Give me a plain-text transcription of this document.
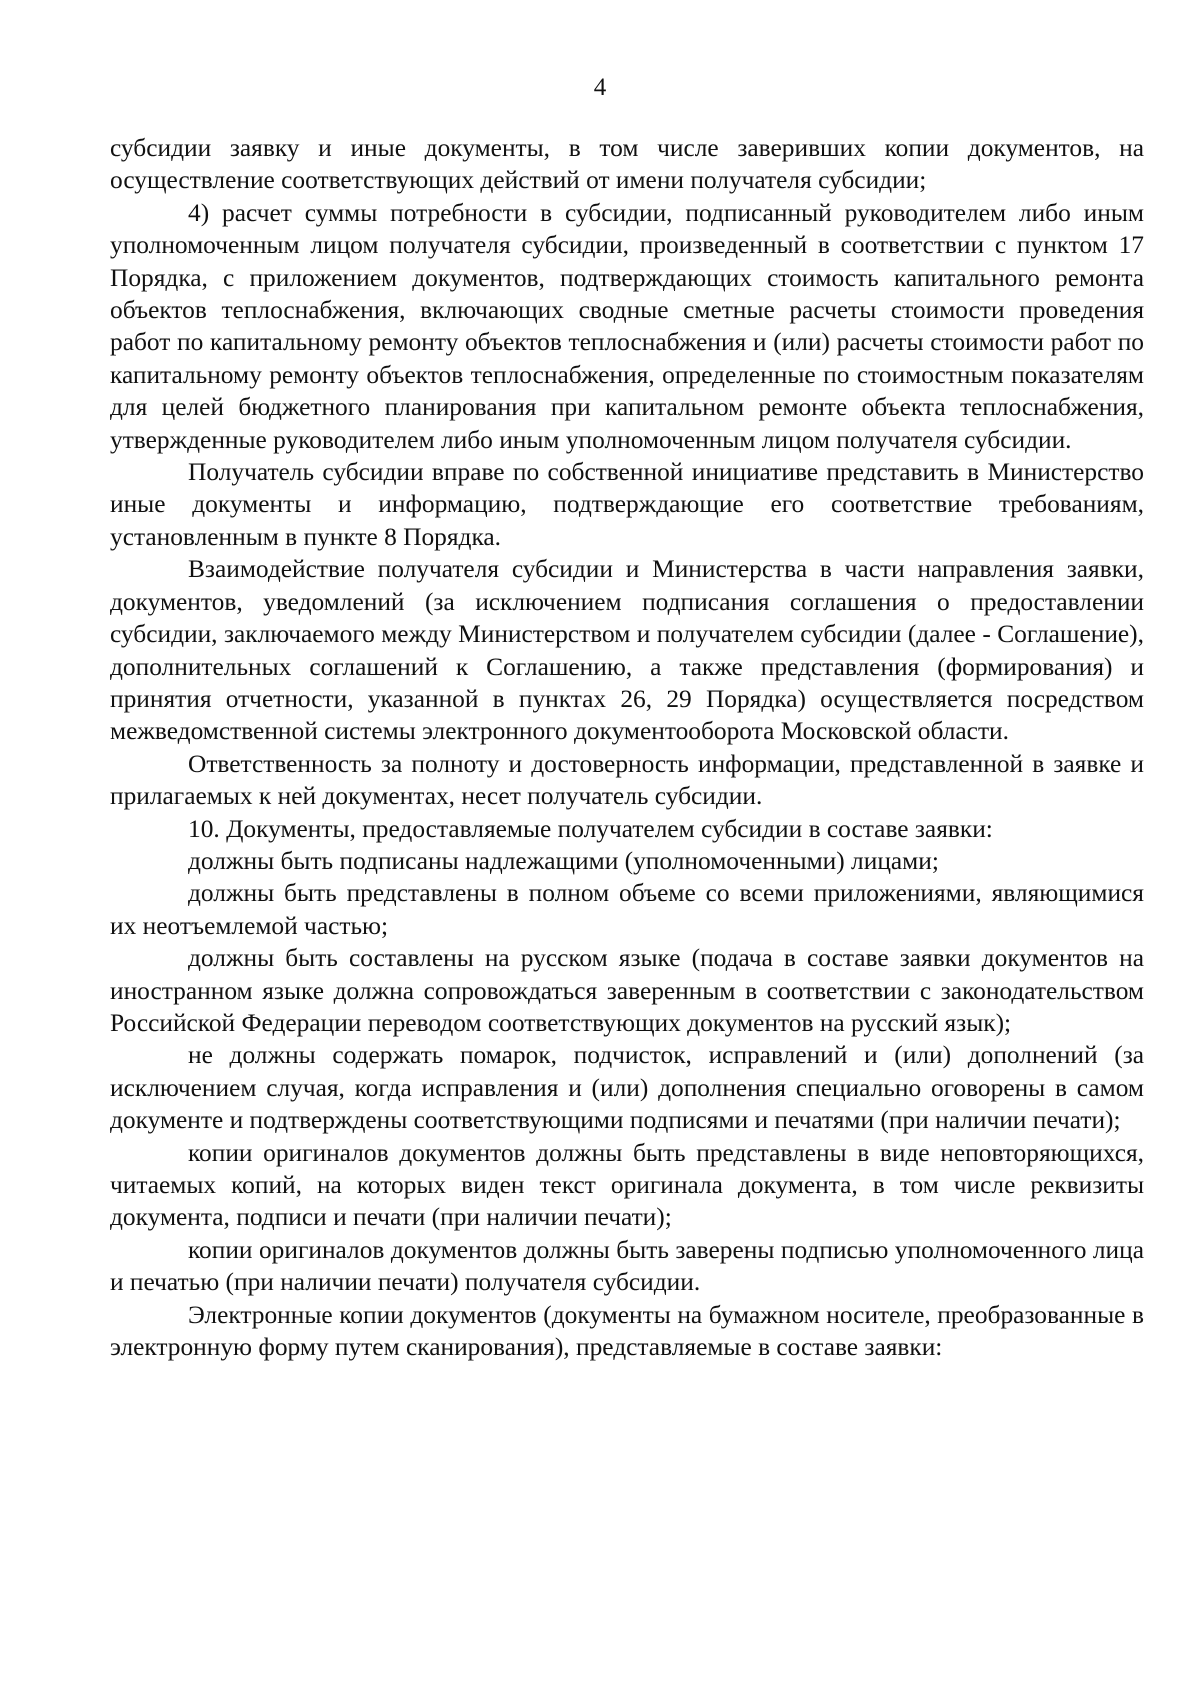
4

субсидии заявку и иные документы, в том числе заверивших копии документов, на осуществление соответствующих действий от имени получателя субсидии;

4) расчет суммы потребности в субсидии, подписанный руководителем либо иным уполномоченным лицом получателя субсидии, произведенный в соответствии с пунктом 17 Порядка, с приложением документов, подтверждающих стоимость капитального ремонта объектов теплоснабжения, включающих сводные сметные расчеты стоимости проведения работ по капитальному ремонту объектов теплоснабжения и (или) расчеты стоимости работ по капитальному ремонту объектов теплоснабжения, определенные по стоимостным показателям для целей бюджетного планирования при капитальном ремонте объекта теплоснабжения, утвержденные руководителем либо иным уполномоченным лицом получателя субсидии.

Получатель субсидии вправе по собственной инициативе представить в Министерство иные документы и информацию, подтверждающие его соответствие требованиям, установленным в пункте 8 Порядка.

Взаимодействие получателя субсидии и Министерства в части направления заявки, документов, уведомлений (за исключением подписания соглашения о предоставлении субсидии, заключаемого между Министерством и получателем субсидии (далее - Соглашение), дополнительных соглашений к Соглашению, а также представления (формирования) и принятия отчетности, указанной в пунктах 26, 29 Порядка) осуществляется посредством межведомственной системы электронного документооборота Московской области.

Ответственность за полноту и достоверность информации, представленной в заявке и прилагаемых к ней документах, несет получатель субсидии.

10. Документы, предоставляемые получателем субсидии в составе заявки:

должны быть подписаны надлежащими (уполномоченными) лицами;

должны быть представлены в полном объеме со всеми приложениями, являющимися их неотъемлемой частью;

должны быть составлены на русском языке (подача в составе заявки документов на иностранном языке должна сопровождаться заверенным в соответствии с законодательством Российской Федерации переводом соответствующих документов на русский язык);

не должны содержать помарок, подчисток, исправлений и (или) дополнений (за исключением случая, когда исправления и (или) дополнения специально оговорены в самом документе и подтверждены соответствующими подписями и печатями (при наличии печати);

копии оригиналов документов должны быть представлены в виде неповторяющихся, читаемых копий, на которых виден текст оригинала документа, в том числе реквизиты документа, подписи и печати (при наличии печати);

копии оригиналов документов должны быть заверены подписью уполномоченного лица и печатью (при наличии печати) получателя субсидии.

Электронные копии документов (документы на бумажном носителе, преобразованные в электронную форму путем сканирования), представляемые в составе заявки:
